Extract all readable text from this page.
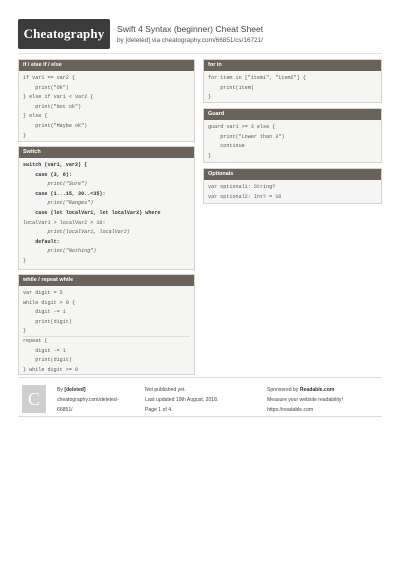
Cheatography Swift 4 Syntax (beginner) Cheat Sheet
by [deleted] via cheatography.com/66851/cs/16721/
if / else if / else
if var1 == var2 {
print("Ok")
} else if var1 < var2 {
print("Not ok")
} else {
print("Maybe ok")
}
Switch
switch (var1, var2) {
case (3, 8):
print("Sure")
case (1...15, 30..<35):
print("Ranges")
case (let localVar1, let localVar2) where
localVar1 > localVar2 > 10:
print(localVar1, localVar2)
default:
print("Nothing")
}
while / repeat while
var digit = 5
while digit > 0 {
digit -= 1
print(digit)
}
repeat {
digit -= 1
print(digit)
} while digit >= 0
for in
for item in ["item1", "item2"] {
print(item)
}
Guard
guard var1 >= 3 else {
print("Lower than 3")
continue
}
Optionals
var optional1: String?
var optional2: Int? = 10
C	By [deleted]
cheatography.com/deleted-
66851/
Not published yet.
Last updated 19th August, 2018.
Page 1 of 4.
Sponsored by Readable.com
Measure your website readability!
https://readable.com
